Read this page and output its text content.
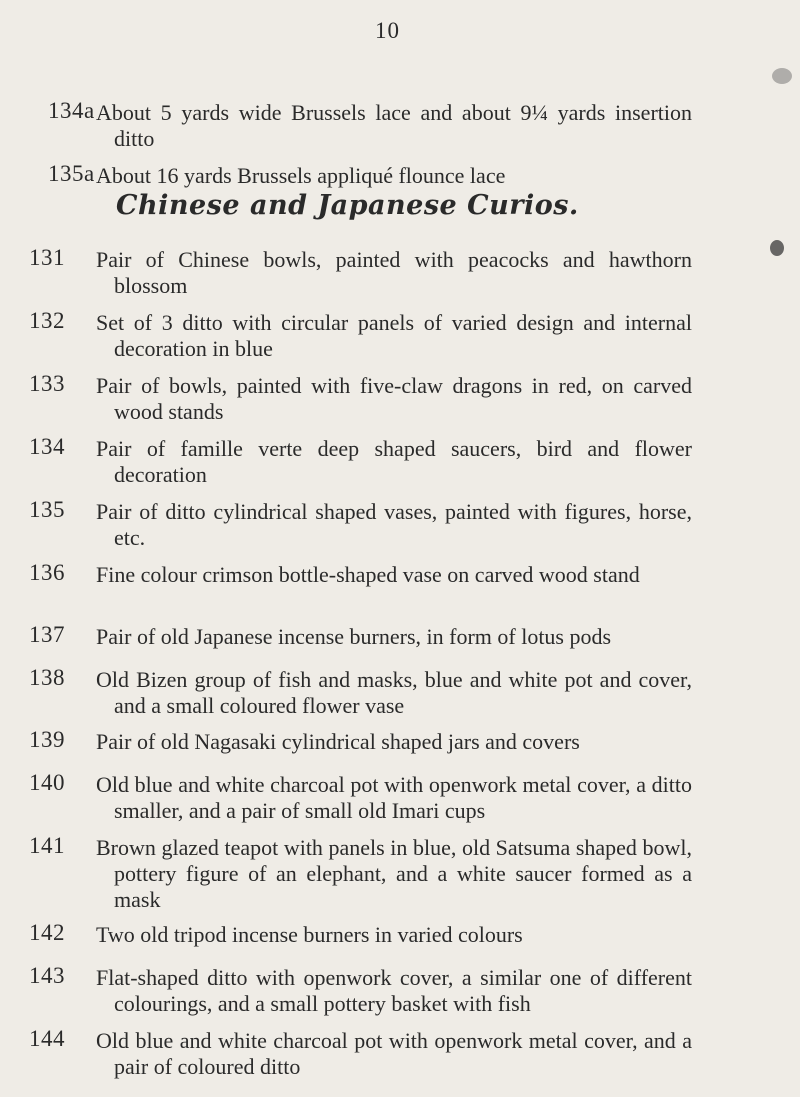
10
Chinese and Japanese Curios.
134a About 5 yards wide Brussels lace and about 9¼ yards insertion ditto
135a About 16 yards Brussels appliqué flounce lace
131 Pair of Chinese bowls, painted with peacocks and hawthorn blossom
132 Set of 3 ditto with circular panels of varied design and internal decoration in blue
133 Pair of bowls, painted with five-claw dragons in red, on carved wood stands
134 Pair of famille verte deep shaped saucers, bird and flower decoration
135 Pair of ditto cylindrical shaped vases, painted with figures, horse, etc.
136 Fine colour crimson bottle-shaped vase on carved wood stand
137 Pair of old Japanese incense burners, in form of lotus pods
138 Old Bizen group of fish and masks, blue and white pot and cover, and a small coloured flower vase
139 Pair of old Nagasaki cylindrical shaped jars and covers
140 Old blue and white charcoal pot with openwork metal cover, a ditto smaller, and a pair of small old Imari cups
141 Brown glazed teapot with panels in blue, old Satsuma shaped bowl, pottery figure of an elephant, and a white saucer formed as a mask
142 Two old tripod incense burners in varied colours
143 Flat-shaped ditto with openwork cover, a similar one of different colourings, and a small pottery basket with fish
144 Old blue and white charcoal pot with openwork metal cover, and a pair of coloured ditto
